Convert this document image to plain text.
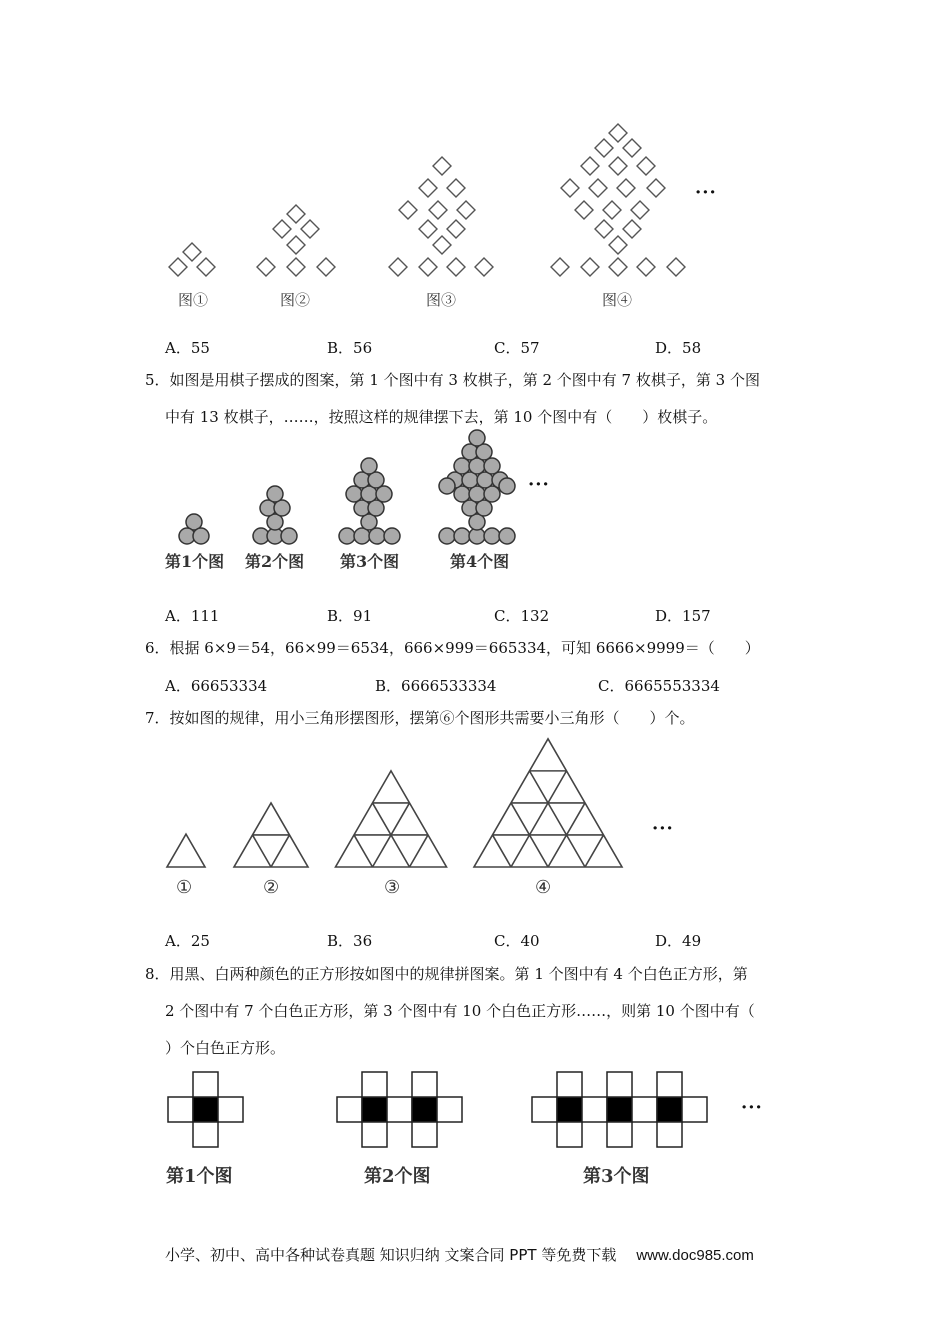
图①	图②	图③	图④
···
A．55	B．56	C．57	D．58
5．如图是用棋子摆成的图案，第 1 个图中有 3 枚棋子，第 2 个图中有 7 枚棋子，第 3 个图
中有 13 枚棋子，……，按照这样的规律摆下去，第 10 个图中有（　　）枚棋子。
第1个图 第2个图 第3个图	第4个图
···
A．111	B．91	C．132	D．157
6．根据 6×9＝54，66×99＝6534，666×999＝665334，可知 6666×9999＝（　　）
A．66653334	B．6666533334	C．6665553334
7．按如图的规律，用小三角形摆图形，摆第⑥个图形共需要小三角形（　　）个。
①	②	③	④
···
A．25	B．36	C．40	D．49
8．用黑、白两种颜色的正方形按如图中的规律拼图案。第 1 个图中有 4 个白色正方形，第
2 个图中有 7 个白色正方形，第 3 个图中有 10 个白色正方形……，则第 10 个图中有（
）个白色正方形。
第1个图	第2个图	第3个图
···
小学、初中、高中各种试卷真题 知识归纳 文案合同 PPT 等免费下载 www.doc985.com
